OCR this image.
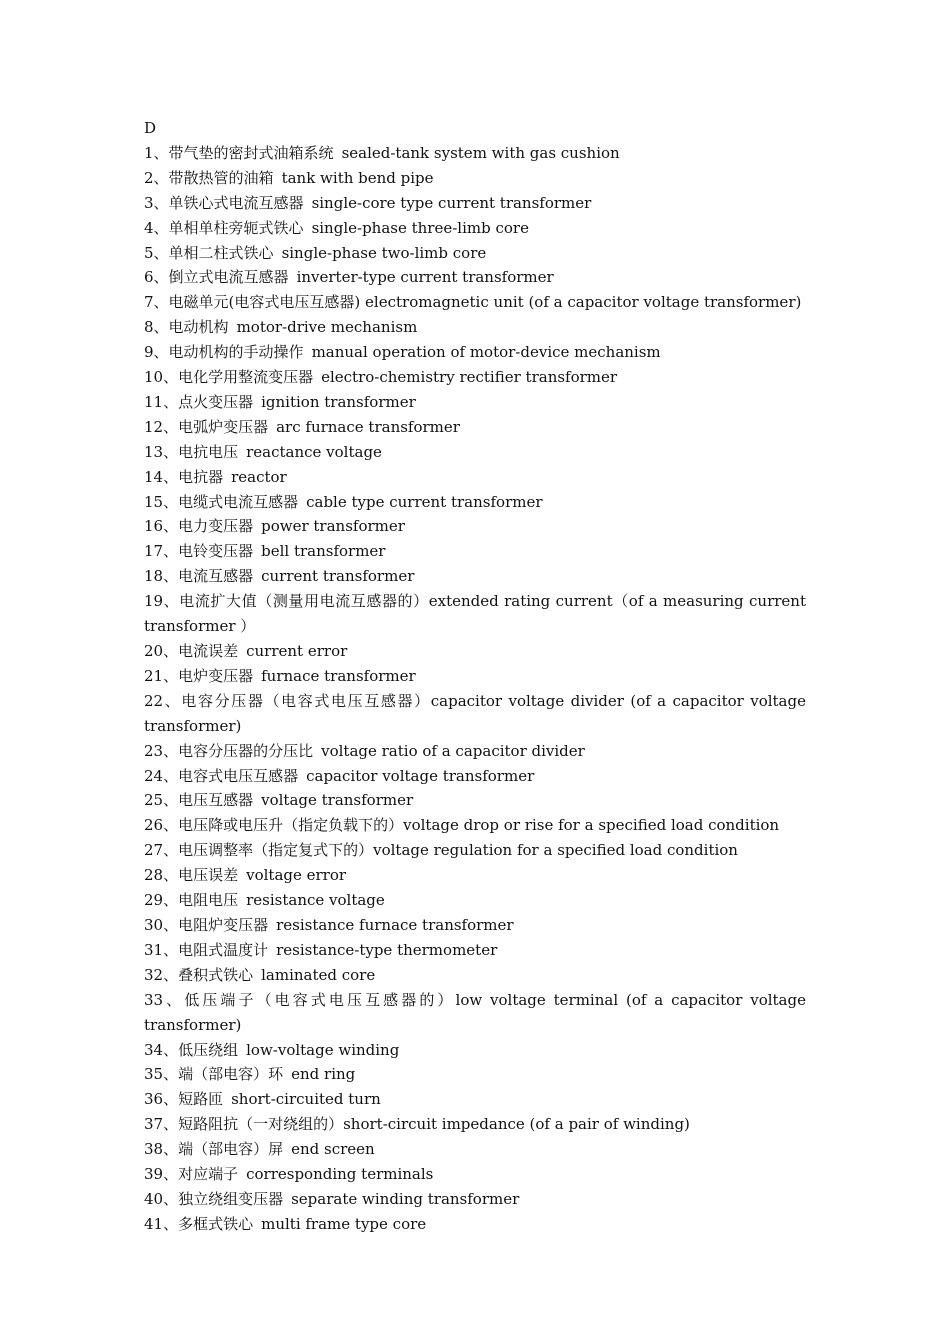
D

1、带气垫的密封式油箱系统 sealed-tank system with gas cushion

2、带散热管的油箱 tank with bend pipe

3、单铁心式电流互感器 single-core type current transformer

4、单相单柱旁轭式铁心 single-phase three-limb core

5、单相二柱式铁心 single-phase two-limb core

6、倒立式电流互感器 inverter-type current transformer

7、电磁单元(电容式电压互感器) electromagnetic unit (of a capacitor voltage transformer)

8、电动机构 motor-drive mechanism

9、电动机构的手动操作 manual operation of motor-device mechanism

10、电化学用整流变压器 electro-chemistry rectifier transformer

11、点火变压器 ignition transformer

12、电弧炉变压器 arc furnace transformer

13、电抗电压 reactance voltage

14、电抗器 reactor

15、电缆式电流互感器 cable type current transformer

16、电力变压器 power transformer

17、电铃变压器 bell transformer

18、电流互感器 current transformer

19、电流扩大值（测量用电流互感器的）extended rating current（of a measuring current transformer ）

20、电流误差 current error

21、电炉变压器 furnace transformer

22、电容分压器（电容式电压互感器）capacitor voltage divider (of a capacitor voltage transformer)

23、电容分压器的分压比 voltage ratio of a capacitor divider

24、电容式电压互感器 capacitor voltage transformer

25、电压互感器 voltage transformer

26、电压降或电压升（指定负载下的）voltage drop or rise for a specified load condition

27、电压调整率（指定复式下的）voltage regulation for a specified load condition

28、电压误差 voltage error

29、电阻电压 resistance voltage

30、电阻炉变压器 resistance furnace transformer

31、电阻式温度计 resistance-type thermometer

32、叠积式铁心 laminated core

33、低压端子（电容式电压互感器的）low voltage terminal (of a capacitor voltage transformer)

34、低压绕组 low-voltage winding

35、端（部电容）环 end ring

36、短路匝 short-circuited turn

37、短路阻抗（一对绕组的）short-circuit impedance (of a pair of winding)

38、端（部电容）屏 end screen

39、对应端子 corresponding terminals

40、独立绕组变压器 separate winding transformer

41、多框式铁心 multi frame type core
